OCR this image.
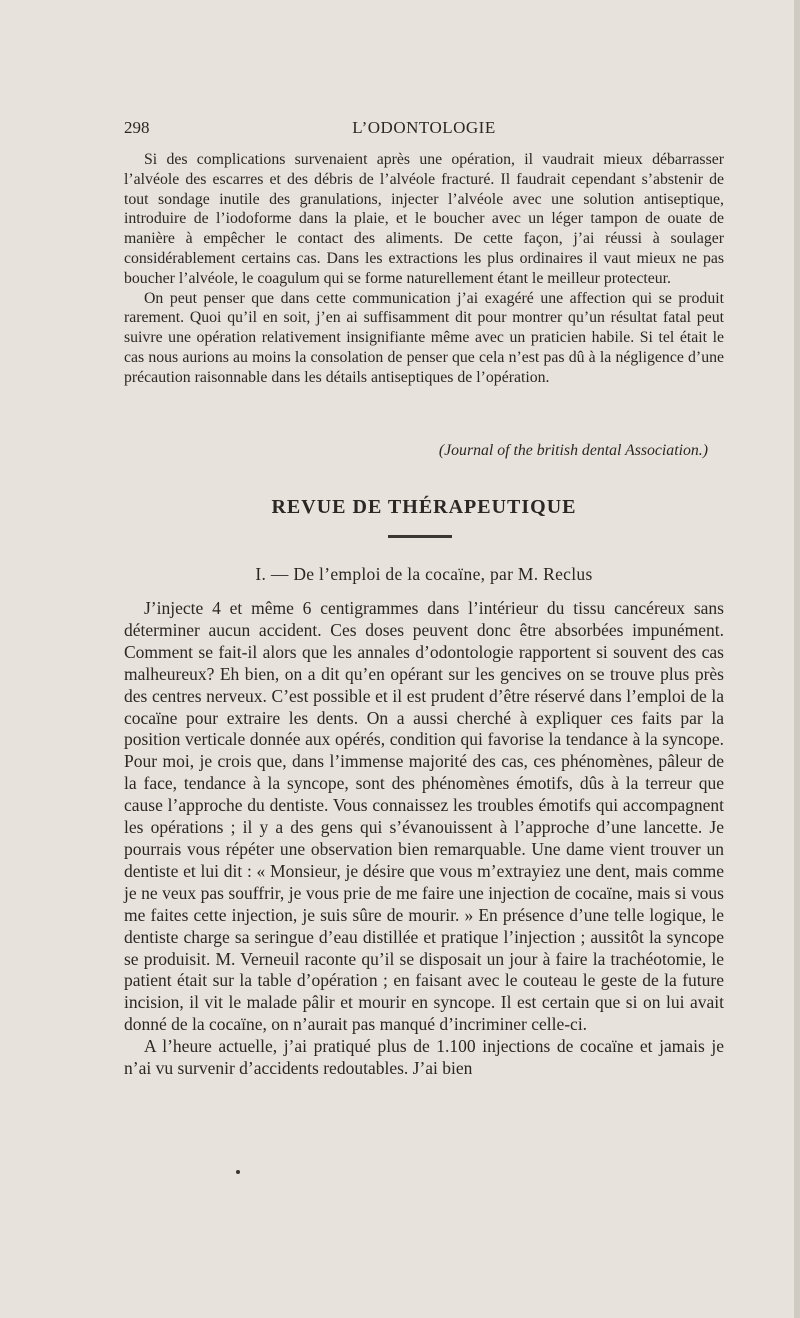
298	L’ODONTOLOGIE

Si des complications survenaient après une opération, il vaudrait mieux débarrasser l’alvéole des escarres et des débris de l’alvéole fracturé. Il faudrait cependant s’abstenir de tout sondage inutile des granulations, injecter l’alvéole avec une solution antiseptique, introduire de l’iodoforme dans la plaie, et le boucher avec un léger tampon de ouate de manière à empêcher le contact des aliments. De cette façon, j’ai réussi à soulager considérablement certains cas. Dans les extractions les plus ordinaires il vaut mieux ne pas boucher l’alvéole, le coagulum qui se forme naturellement étant le meilleur protecteur.

On peut penser que dans cette communication j’ai exagéré une affection qui se produit rarement. Quoi qu’il en soit, j’en ai suffisamment dit pour montrer qu’un résultat fatal peut suivre une opération relativement insignifiante même avec un praticien habile. Si tel était le cas nous aurions au moins la consolation de penser que cela n’est pas dû à la négligence d’une précaution raisonnable dans les détails antiseptiques de l’opération.

(Journal of the british dental Association.)
REVUE DE THÉRAPEUTIQUE
I. — De l’emploi de la cocaïne, par M. Reclus

J’injecte 4 et même 6 centigrammes dans l’intérieur du tissu cancéreux sans déterminer aucun accident. Ces doses peuvent donc être absorbées impunément. Comment se fait-il alors que les annales d’odontologie rapportent si souvent des cas malheureux? Eh bien, on a dit qu’en opérant sur les gencives on se trouve plus près des centres nerveux. C’est possible et il est prudent d’être réservé dans l’emploi de la cocaïne pour extraire les dents. On a aussi cherché à expliquer ces faits par la position verticale donnée aux opérés, condition qui favorise la tendance à la syncope. Pour moi, je crois que, dans l’immense majorité des cas, ces phénomènes, pâleur de la face, tendance à la syncope, sont des phénomènes émotifs, dûs à la terreur que cause l’approche du dentiste. Vous connaissez les troubles émotifs qui accompagnent les opérations ; il y a des gens qui s’évanouissent à l’approche d’une lancette. Je pourrais vous répéter une observation bien remarquable. Une dame vient trouver un dentiste et lui dit : « Monsieur, je désire que vous m’extrayiez une dent, mais comme je ne veux pas souffrir, je vous prie de me faire une injection de cocaïne, mais si vous me faites cette injection, je suis sûre de mourir. » En présence d’une telle logique, le dentiste charge sa seringue d’eau distillée et pratique l’injection ; aussitôt la syncope se produisit. M. Verneuil raconte qu’il se disposait un jour à faire la trachéotomie, le patient était sur la table d’opération ; en faisant avec le couteau le geste de la future incision, il vit le malade pâlir et mourir en syncope. Il est certain que si on lui avait donné de la cocaïne, on n’aurait pas manqué d’incriminer celle-ci.

A l’heure actuelle, j’ai pratiqué plus de 1.100 injections de cocaïne et jamais je n’ai vu survenir d’accidents redoutables. J’ai bien
